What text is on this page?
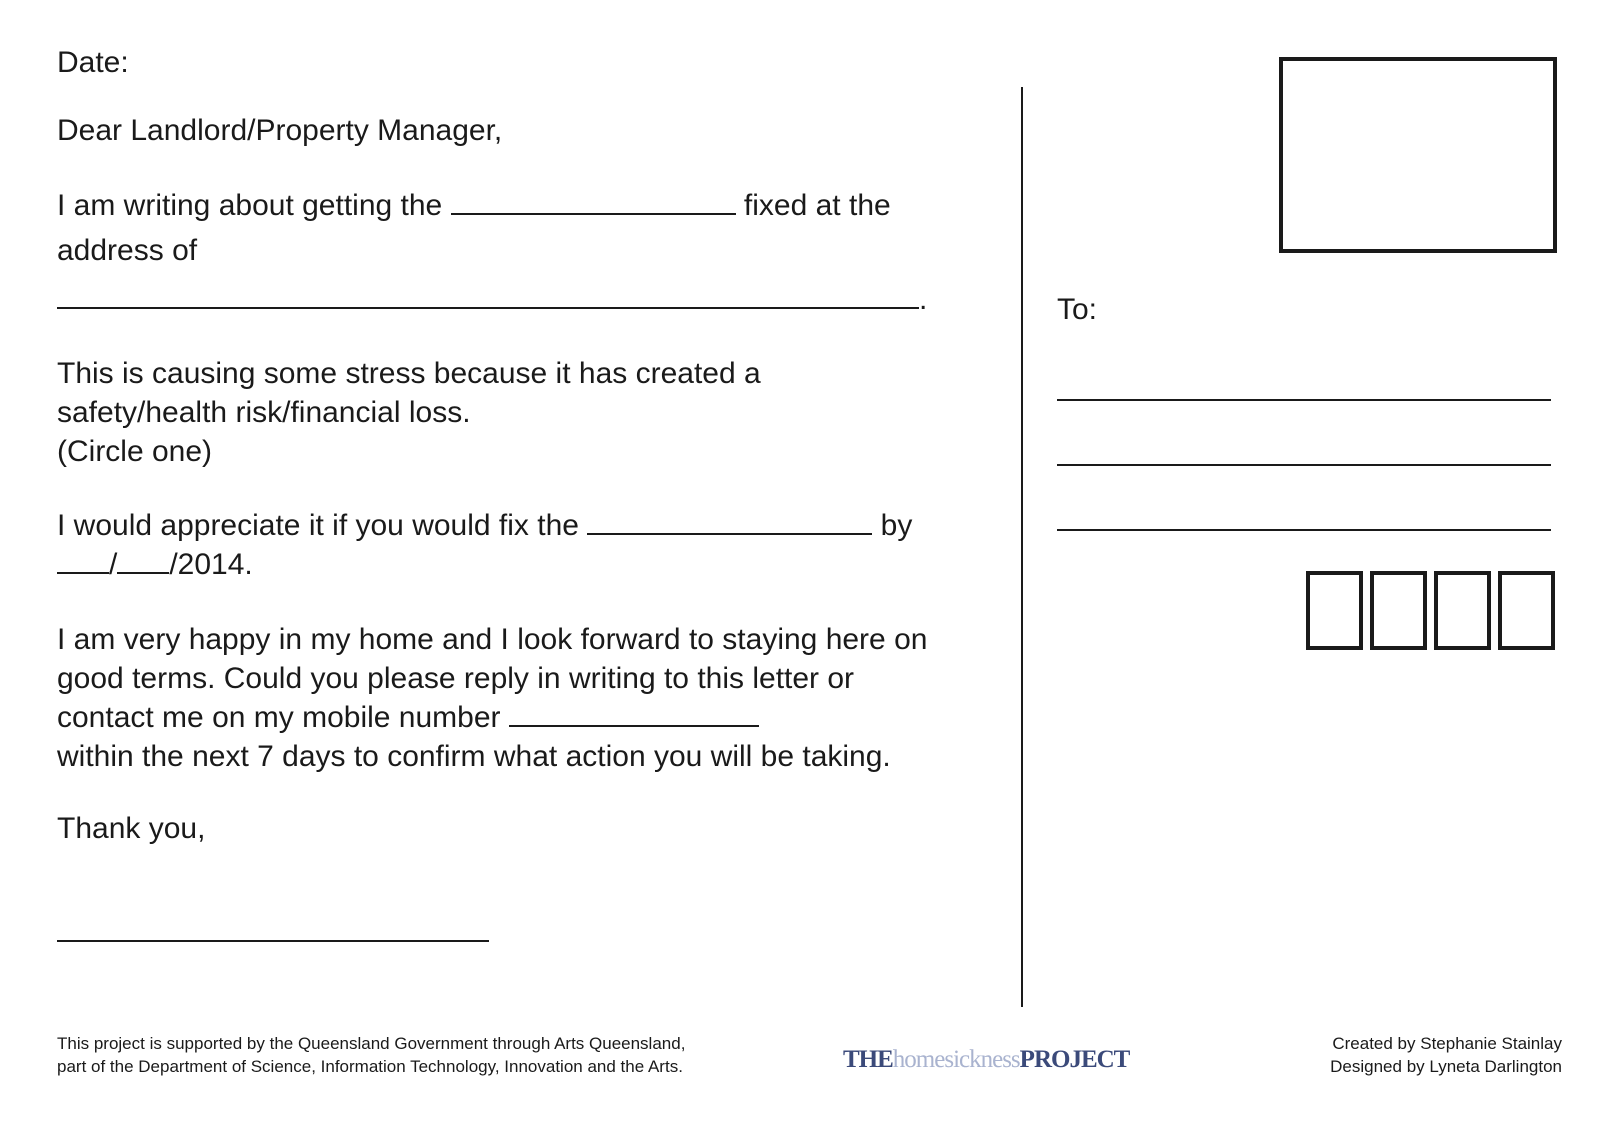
Date:
Dear Landlord/Property Manager,
I am writing about getting the	fixed at the
address of
.
This is causing some stress because it has created a
safety/health risk/financial loss.
(Circle one)
I would appreciate it if you would fix the	by
/ /2014.
I am very happy in my home and I look forward to staying here on
good terms. Could you please reply in writing to this letter or
contact me on my mobile number
within the next 7 days to confirm what action you will be taking.
Thank you,
To:
This project is supported by the Queensland Government through Arts Queensland,
part of the Department of Science, Information Technology, Innovation and the Arts.	THEhomesicknessPROJECT
Created by Stephanie Stainlay
Designed by Lyneta Darlington
